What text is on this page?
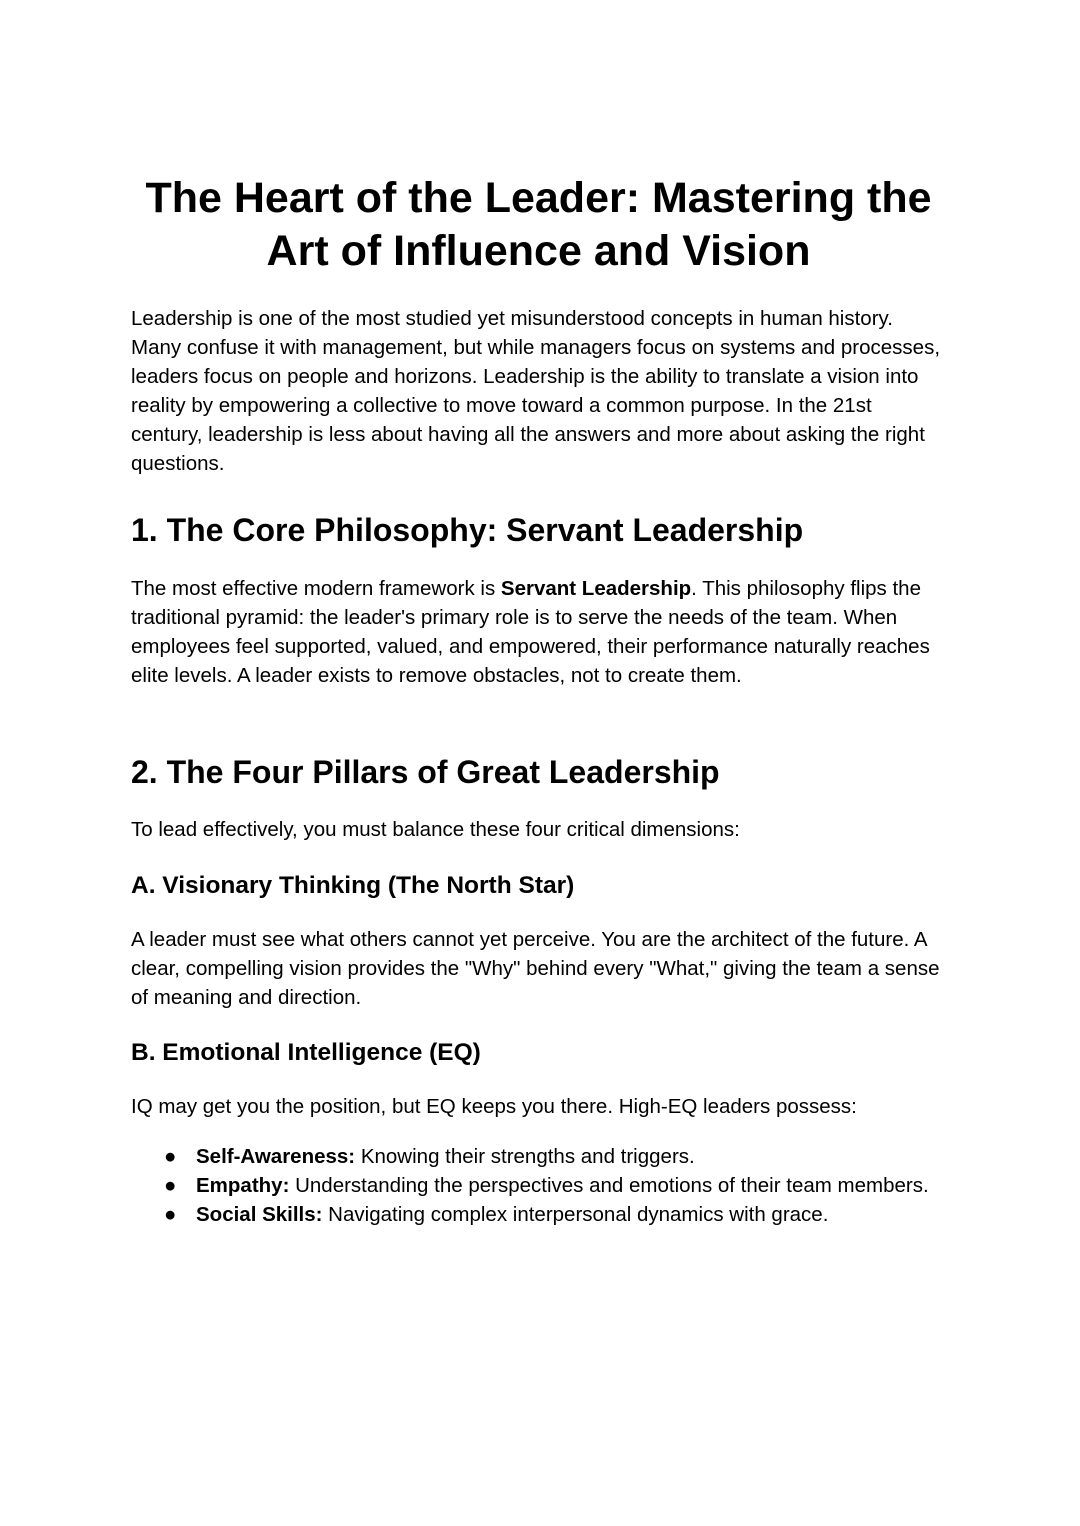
The Heart of the Leader: Mastering the Art of Influence and Vision

Leadership is one of the most studied yet misunderstood concepts in human history. Many confuse it with management, but while managers focus on systems and processes, leaders focus on people and horizons. Leadership is the ability to translate a vision into reality by empowering a collective to move toward a common purpose. In the 21st century, leadership is less about having all the answers and more about asking the right questions.

1. The Core Philosophy: Servant Leadership

The most effective modern framework is Servant Leadership. This philosophy flips the traditional pyramid: the leader's primary role is to serve the needs of the team. When employees feel supported, valued, and empowered, their performance naturally reaches elite levels. A leader exists to remove obstacles, not to create them.

2. The Four Pillars of Great Leadership

To lead effectively, you must balance these four critical dimensions:

A. Visionary Thinking (The North Star)

A leader must see what others cannot yet perceive. You are the architect of the future. A clear, compelling vision provides the "Why" behind every "What," giving the team a sense of meaning and direction.

B. Emotional Intelligence (EQ)

IQ may get you the position, but EQ keeps you there. High-EQ leaders possess:

● Self-Awareness: Knowing their strengths and triggers.
● Empathy: Understanding the perspectives and emotions of their team members.
● Social Skills: Navigating complex interpersonal dynamics with grace.
